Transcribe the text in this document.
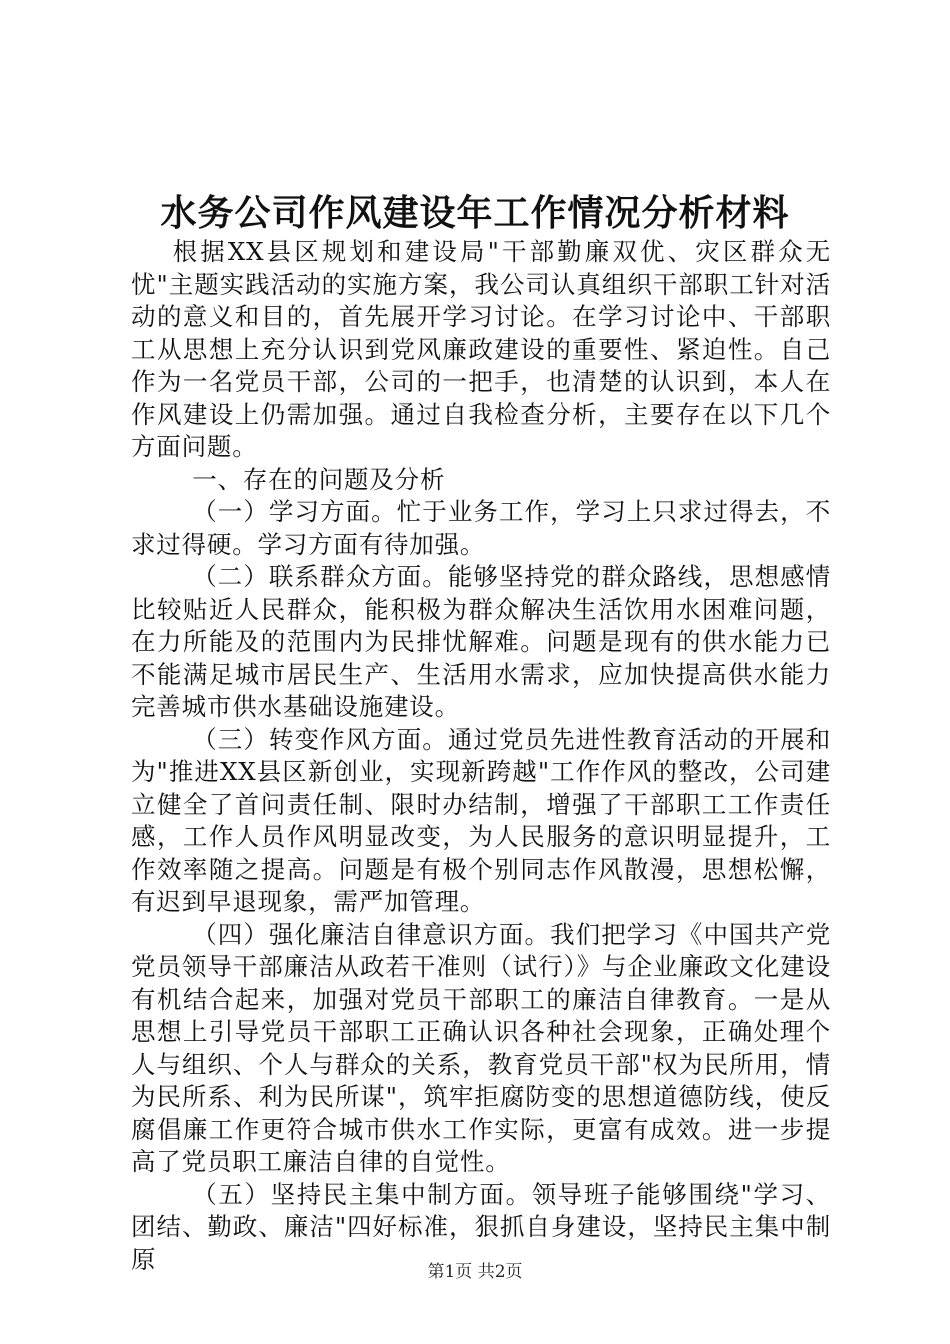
水务公司作风建设年工作情况分析材料

根据XX县区规划和建设局"干部勤廉双优、灾区群众无忧"主题实践活动的实施方案，我公司认真组织干部职工针对活动的意义和目的，首先展开学习讨论。在学习讨论中、干部职工从思想上充分认识到党风廉政建设的重要性、紧迫性。自己作为一名党员干部，公司的一把手，也清楚的认识到，本人在作风建设上仍需加强。通过自我检查分析，主要存在以下几个方面问题。

一、存在的问题及分析

（一）学习方面。忙于业务工作，学习上只求过得去，不求过得硬。学习方面有待加强。

（二）联系群众方面。能够坚持党的群众路线，思想感情比较贴近人民群众，能积极为群众解决生活饮用水困难问题，在力所能及的范围内为民排忧解难。问题是现有的供水能力已不能满足城市居民生产、生活用水需求，应加快提高供水能力完善城市供水基础设施建设。

（三）转变作风方面。通过党员先进性教育活动的开展和为"推进XX县区新创业，实现新跨越"工作作风的整改，公司建立健全了首问责任制、限时办结制，增强了干部职工工作责任感，工作人员作风明显改变，为人民服务的意识明显提升，工作效率随之提高。问题是有极个别同志作风散漫，思想松懈，有迟到早退现象，需严加管理。

（四）强化廉洁自律意识方面。我们把学习《中国共产党党员领导干部廉洁从政若干准则（试行）》与企业廉政文化建设有机结合起来，加强对党员干部职工的廉洁自律教育。一是从思想上引导党员干部职工正确认识各种社会现象，正确处理个人与组织、个人与群众的关系，教育党员干部"权为民所用，情为民所系、利为民所谋"，筑牢拒腐防变的思想道德防线，使反腐倡廉工作更符合城市供水工作实际，更富有成效。进一步提高了党员职工廉洁自律的自觉性。

（五）坚持民主集中制方面。领导班子能够围绕"学习、团结、勤政、廉洁"四好标准，狠抓自身建设，坚持民主集中制原	第1页 共2页
